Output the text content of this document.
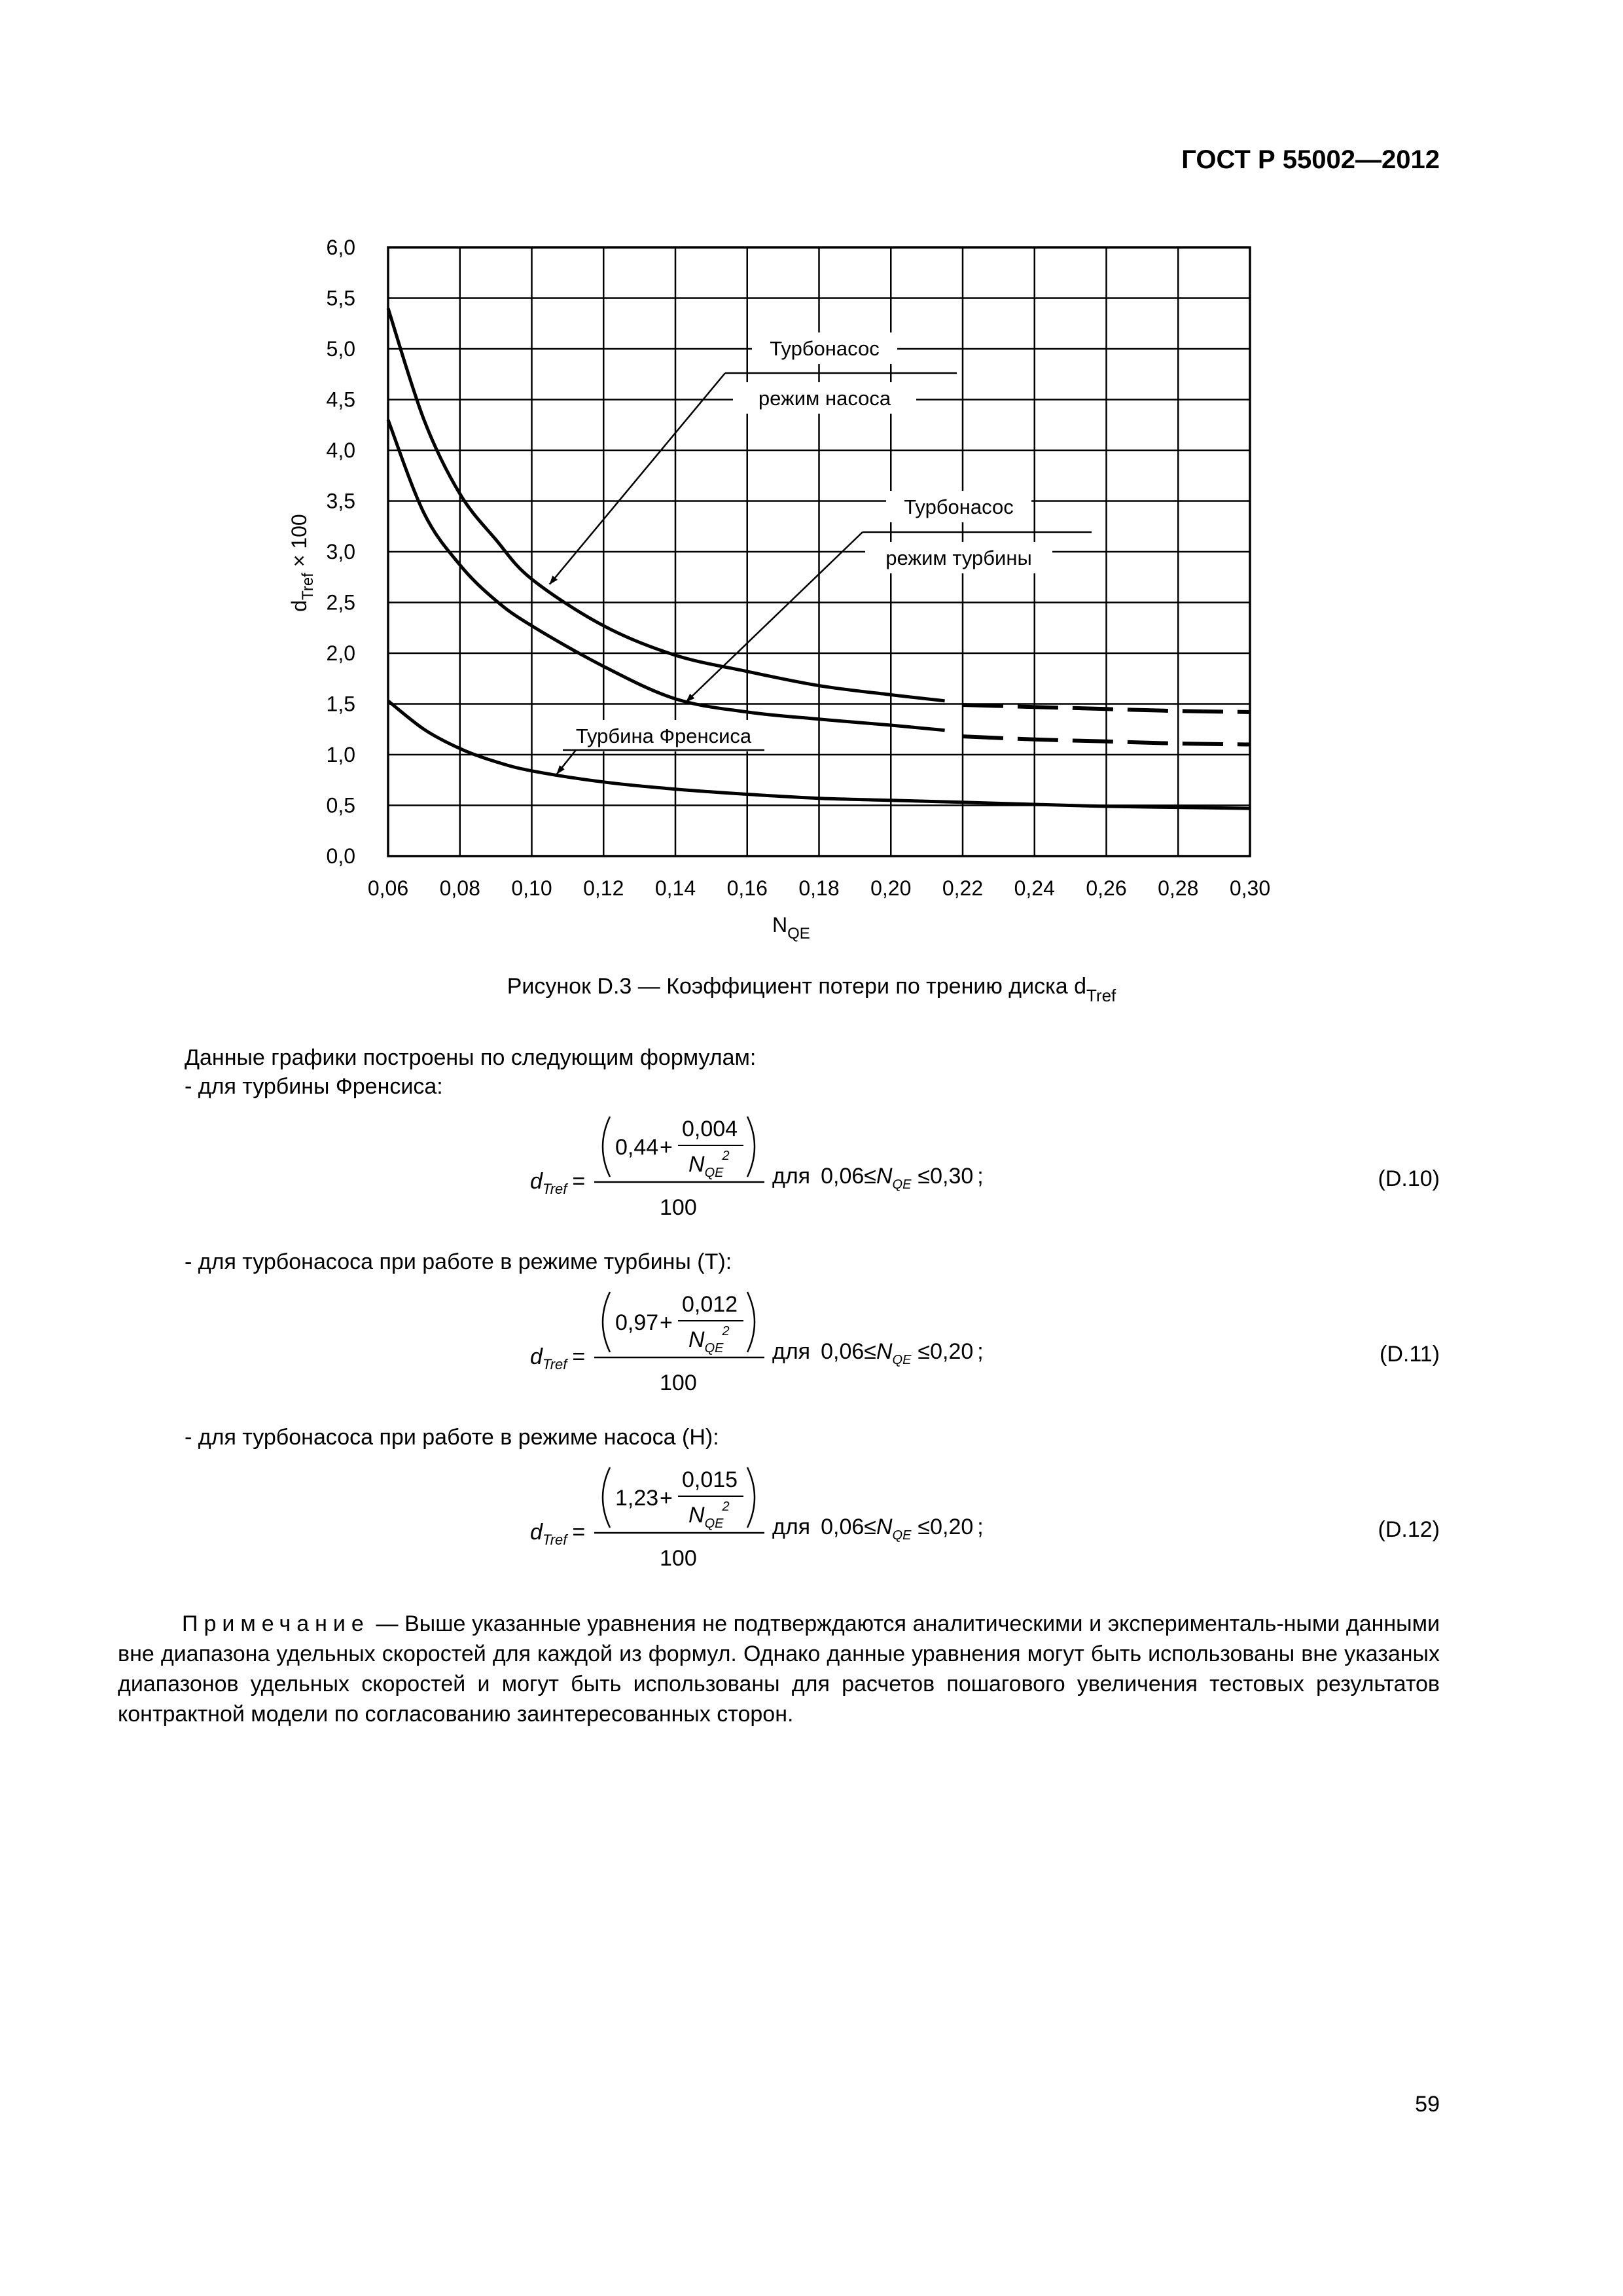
ГОСТ Р 55002—2012
Турбонасос
режим насоса
Турбонасос
режим турбины
Турбина Френсиса
0,06 0,08 0,10 0,12 0,14 0,16 0,18 0,20 0,22 0,24 0,26 0,28 0,30
0,0
0,5
1,0
1,5
2,0
2,5
3,0
3,5
4,0
4,5
5,0
5,5
6,0
$d_{Tref} \times 100$
$N_{QE}$
Рисунок D.3 — Коэффициент потери по трению диска $d_{Tref}$
Данные графики построены по следующим формулам:
- для турбины Френсиса:
- для турбонасоса при работе в режиме турбины (Т):
- для турбонасоса при работе в режиме насоса (Н):
$d_{Tref}$ =
0,44 +
0,004
$N_{QE}2$
100
для $0,06\le N_{QE} \le 0,30$ ;	(D.10)
$d_{Tref}$ =
0,97 +
0,012
$N_{QE}2$
100
для $0,06\le N_{QE} \le 0,20$ ;	(D.11)
$d_{Tref}$ =
1,23 +
0,015
$N_{QE}2$
100
для $0,06\le N_{QE} \le 0,20$ ;	(D.12)
Примечание — Выше указанные уравнения не подтверждаются аналитическими и эксперименталь-ными данными вне диапазона удельных скоростей для каждой из формул. Однако данные уравнения могут быть использованы вне указаных диапазонов удельных скоростей и могут быть использованы для расчетов пошагового увеличения тестовых результатов контрактной модели по согласованию заинтересованных сторон.
59
